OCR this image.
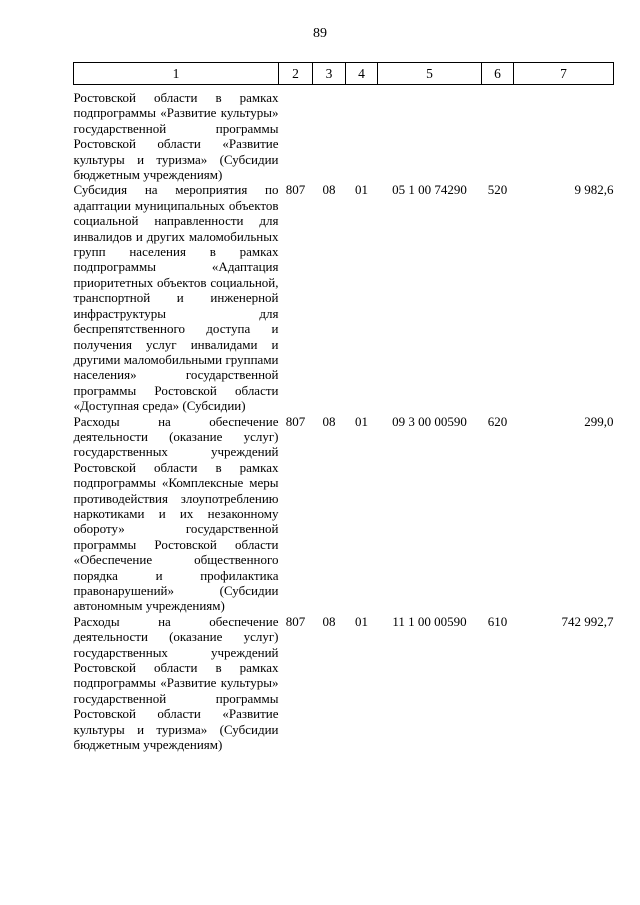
89
1	2	3	4	5	6	7
Ростовской области в рамках подпрограммы «Развитие культуры» государственной программы Ростовской области «Развитие культуры и туризма» (Субсидии бюджетным учреждениям)						
Субсидия на мероприятия по адаптации муниципальных объектов социальной направленности для инвалидов и других маломобильных групп населения в рамках подпрограммы «Адаптация приоритетных объектов социальной, транспортной и инженерной инфраструктуры для беспрепятственного доступа и получения услуг инвалидами и другими маломобильными группами населения» государственной программы Ростовской области «Доступная среда» (Субсидии)	807	08	01	05 1 00 74290	520	9 982,6
Расходы на обеспечение деятельности (оказание услуг) государственных учреждений Ростовской области в рамках подпрограммы «Комплексные меры противодействия злоупотреблению наркотиками и их незаконному обороту» государственной программы Ростовской области «Обеспечение общественного порядка и профилактика правонарушений» (Субсидии автономным учреждениям)	807	08	01	09 3 00 00590	620	299,0
Расходы на обеспечение деятельности (оказание услуг) государственных учреждений Ростовской области в рамках подпрограммы «Развитие культуры» государственной программы Ростовской области «Развитие культуры и туризма» (Субсидии бюджетным учреждениям)	807	08	01	11 1 00 00590	610	742 992,7
